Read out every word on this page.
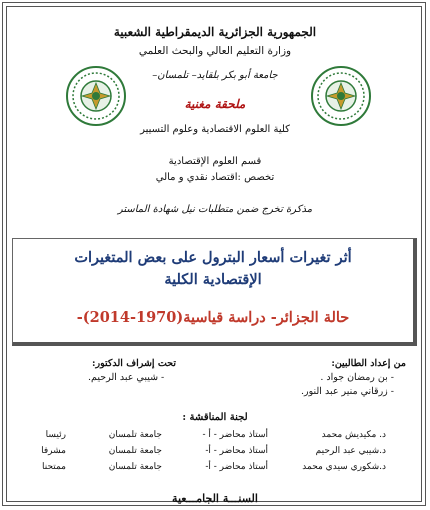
الجمهورية الجزائرية الديمقراطية الشعبية
وزارة التعليم العالي والبحث العلمي
جامعة أبو بكر بلقايد– تلمسان–
ملحقة مغنية
كلية العلوم الاقتصادية وعلوم التسيير
قسم العلوم الإقتصادية
تخصص :اقتصاد نقدي و مالي
مذكرة تخرج ضمن متطلبات نيل شهادة الماستر
أثر تغيرات أسعار البترول على بعض المتغيرات
الإقتصادية الكلية
حالة الجزائر- دراسة قياسية(1970-2014)-
من إعداد الطالبين:
- بن رمضان جواد .
- زرقاني منير عبد النور.
تحت إشراف الدكتور:
- شيبي عبد الرحيم.
لجنة المناقشة :
د. مكيديش محمد
أستاذ محاضر - أ -
جامعة تلمسان
رئيسا
د.شيبي عبد الرحيم
أستاذ محاضر - أ-
جامعة تلمسان
مشرفا
د.شكوري سيدي محمد
أستاذ محاضر - أ-
جامعة تلمسان
ممتحنا
السنـــة الجامـــعية
